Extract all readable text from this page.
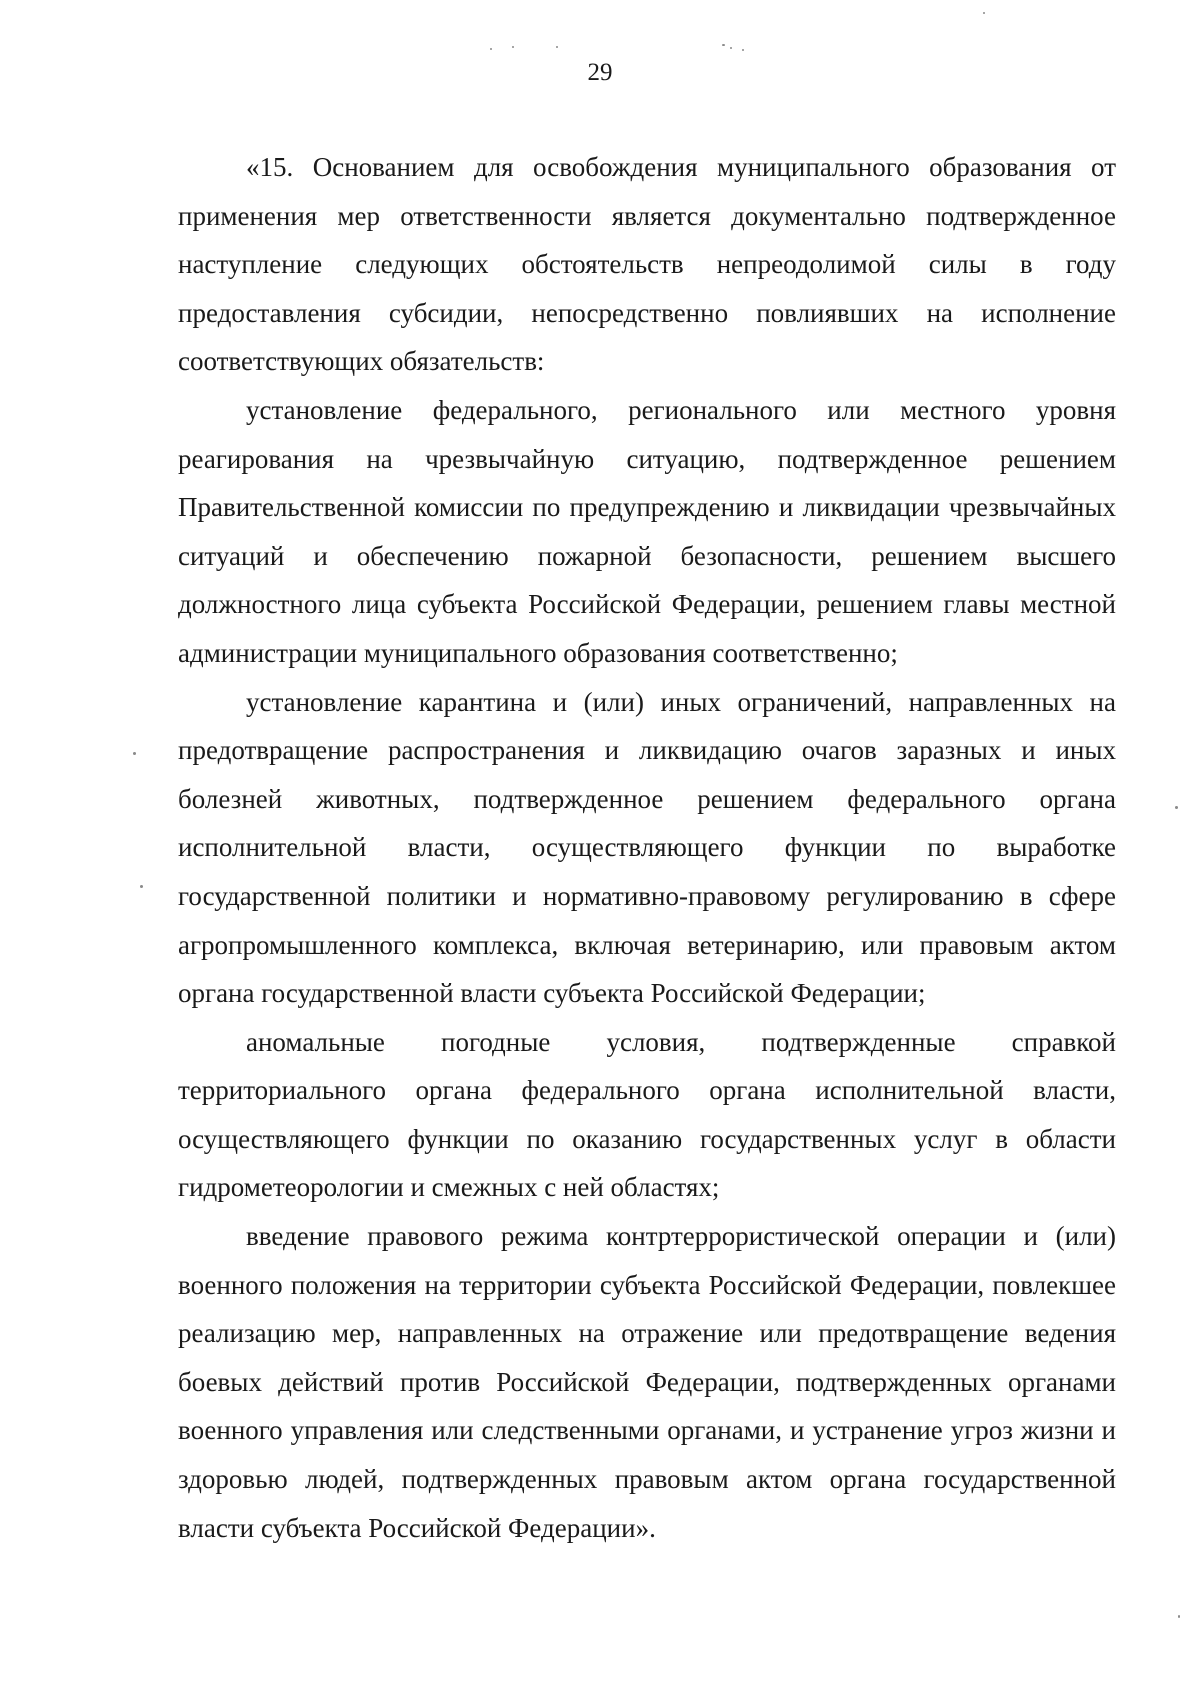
29

«15. Основанием для освобождения муниципального образования от применения мер ответственности является документально подтвержденное наступление следующих обстоятельств непреодолимой силы в году предоставления субсидии, непосредственно повлиявших на исполнение соответствующих обязательств:

установление федерального, регионального или местного уровня реагирования на чрезвычайную ситуацию, подтвержденное решением Правительственной комиссии по предупреждению и ликвидации чрезвычайных ситуаций и обеспечению пожарной безопасности, решением высшего должностного лица субъекта Российской Федерации, решением главы местной администрации муниципального образования соответственно;

установление карантина и (или) иных ограничений, направленных на предотвращение распространения и ликвидацию очагов заразных и иных болезней животных, подтвержденное решением федерального органа исполнительной власти, осуществляющего функции по выработке государственной политики и нормативно-правовому регулированию в сфере агропромышленного комплекса, включая ветеринарию, или правовым актом органа государственной власти субъекта Российской Федерации;

аномальные погодные условия, подтвержденные справкой территориального органа федерального органа исполнительной власти, осуществляющего функции по оказанию государственных услуг в области гидрометеорологии и смежных с ней областях;

введение правового режима контртеррористической операции и (или) военного положения на территории субъекта Российской Федерации, повлекшее реализацию мер, направленных на отражение или предотвращение ведения боевых действий против Российской Федерации, подтвержденных органами военного управления или следственными органами, и устранение угроз жизни и здоровью людей, подтвержденных правовым актом органа государственной власти субъекта Российской Федерации».
